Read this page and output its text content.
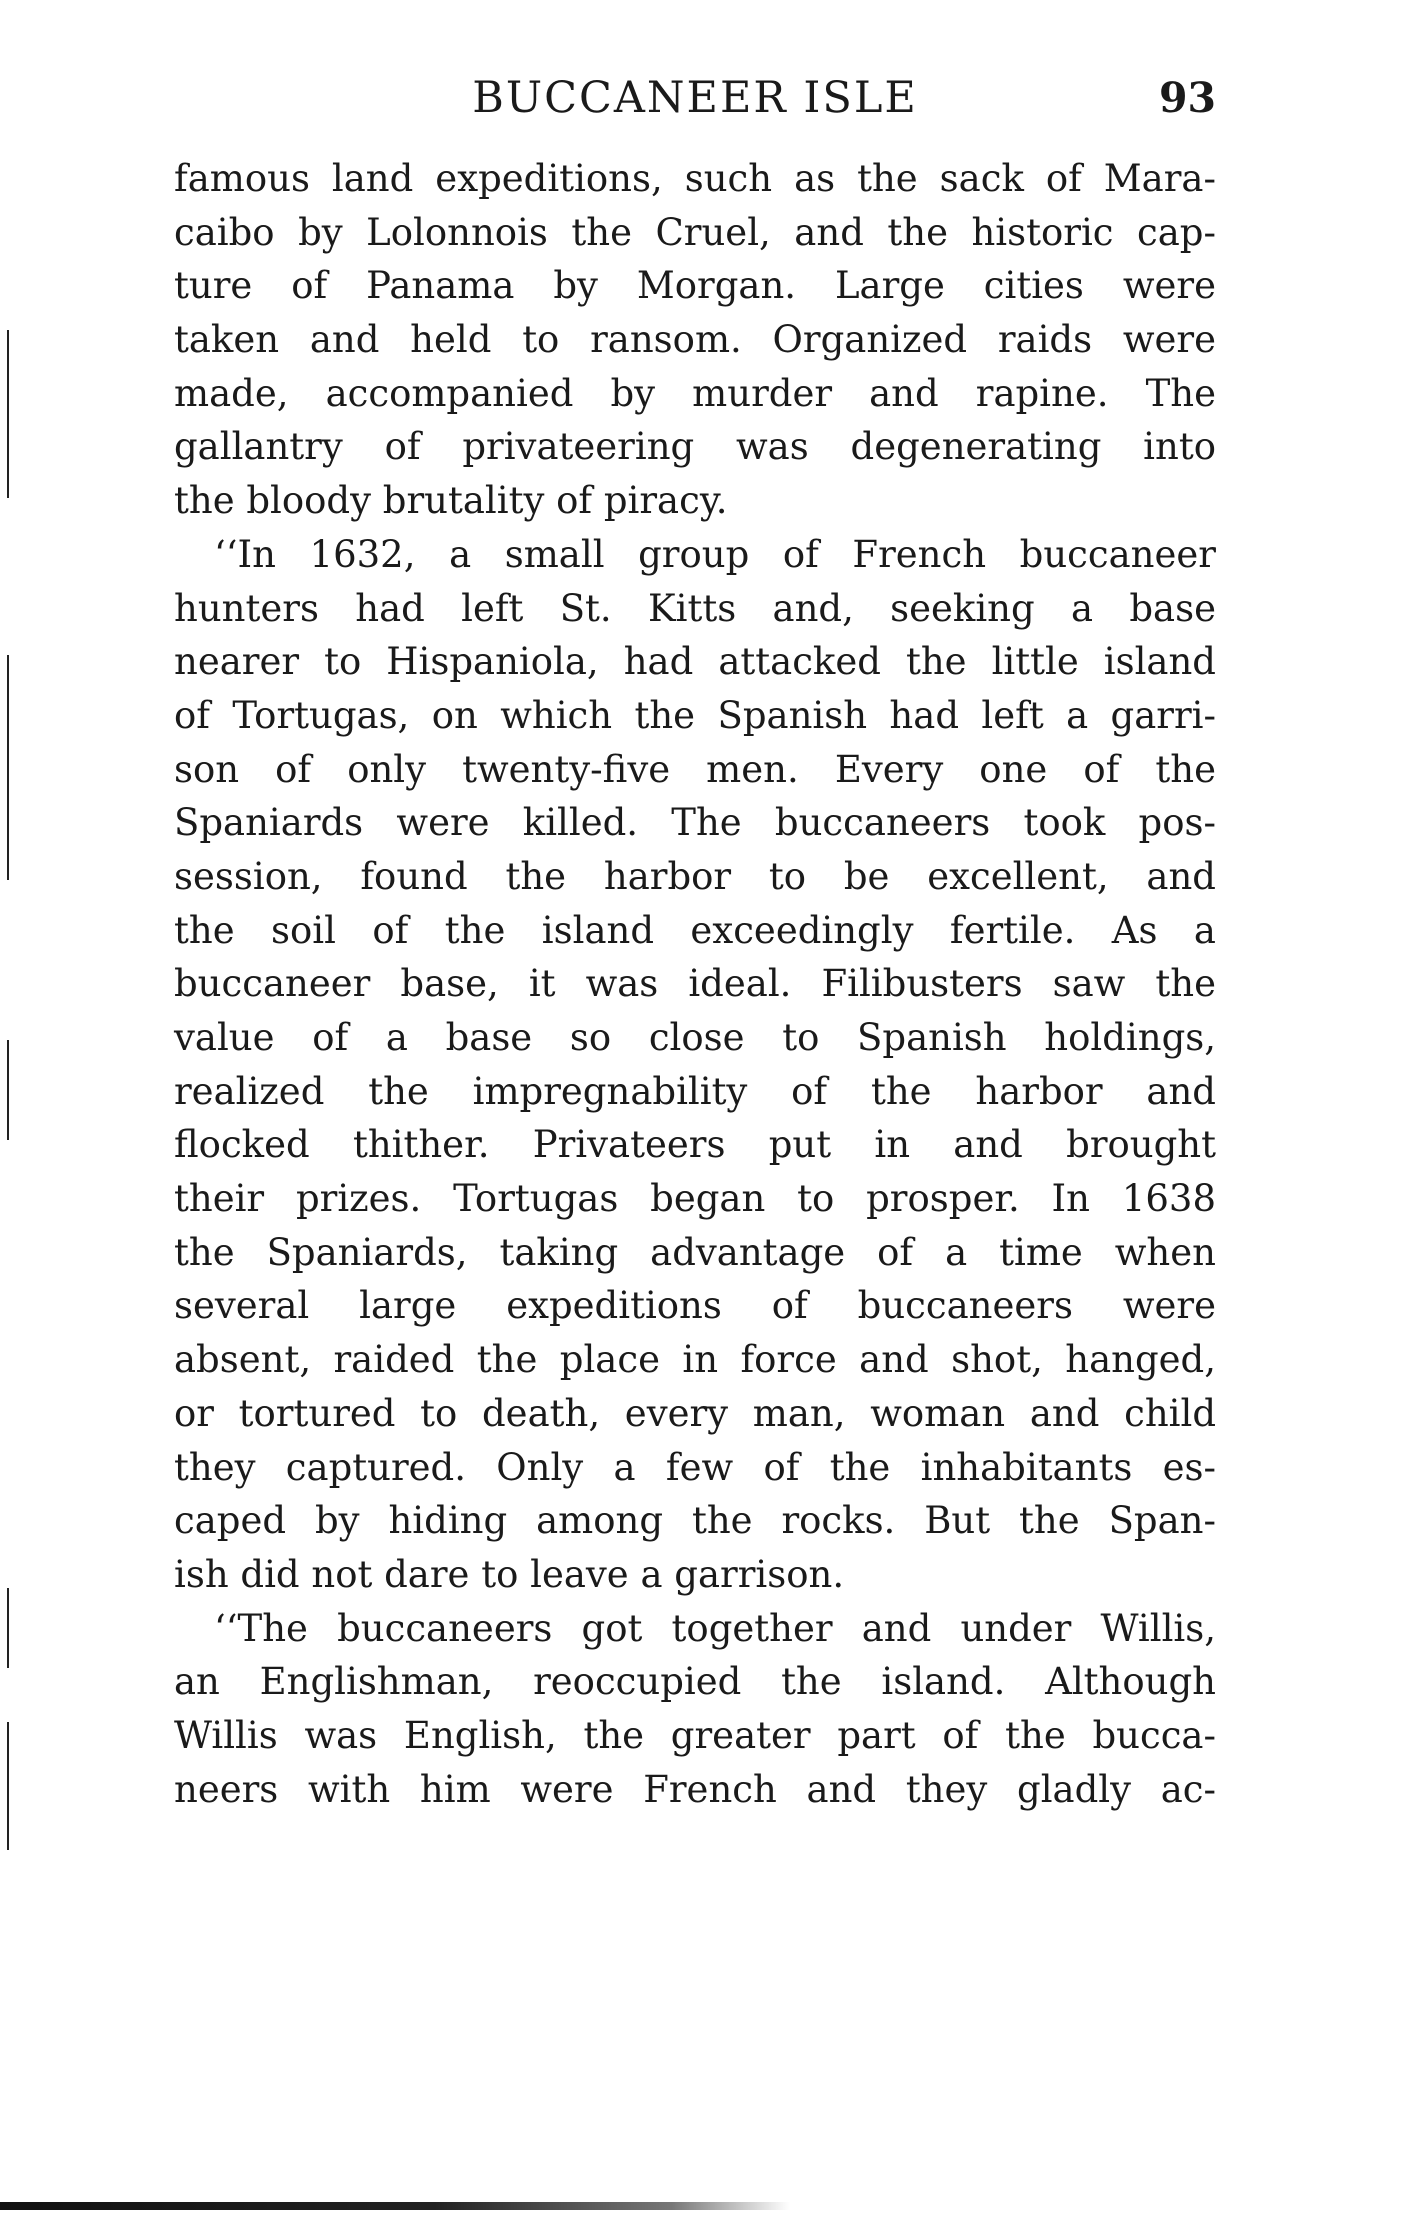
BUCCANEER ISLE	93
famous land expeditions, such as the sack of Mara-
caibo by Lolonnois the Cruel, and the historic cap-
ture of Panama by Morgan. Large cities were
taken and held to ransom. Organized raids were
made, accompanied by murder and rapine. The
gallantry of privateering was degenerating into
the bloody brutality of piracy.
‘‘In 1632, a small group of French buccaneer
hunters had left St. Kitts and, seeking a base
nearer to Hispaniola, had attacked the little island
of Tortugas, on which the Spanish had left a garri-
son of only twenty-five men. Every one of the
Spaniards were killed. The buccaneers took pos-
session, found the harbor to be excellent, and
the soil of the island exceedingly fertile. As a
buccaneer base, it was ideal. Filibusters saw the
value of a base so close to Spanish holdings,
realized the impregnability of the harbor and
flocked thither. Privateers put in and brought
their prizes. Tortugas began to prosper. In 1638
the Spaniards, taking advantage of a time when
several large expeditions of buccaneers were
absent, raided the place in force and shot, hanged,
or tortured to death, every man, woman and child
they captured. Only a few of the inhabitants es-
caped by hiding among the rocks. But the Span-
ish did not dare to leave a garrison.
‘‘The buccaneers got together and under Willis,
an Englishman, reoccupied the island. Although
Willis was English, the greater part of the bucca-
neers with him were French and they gladly ac-
